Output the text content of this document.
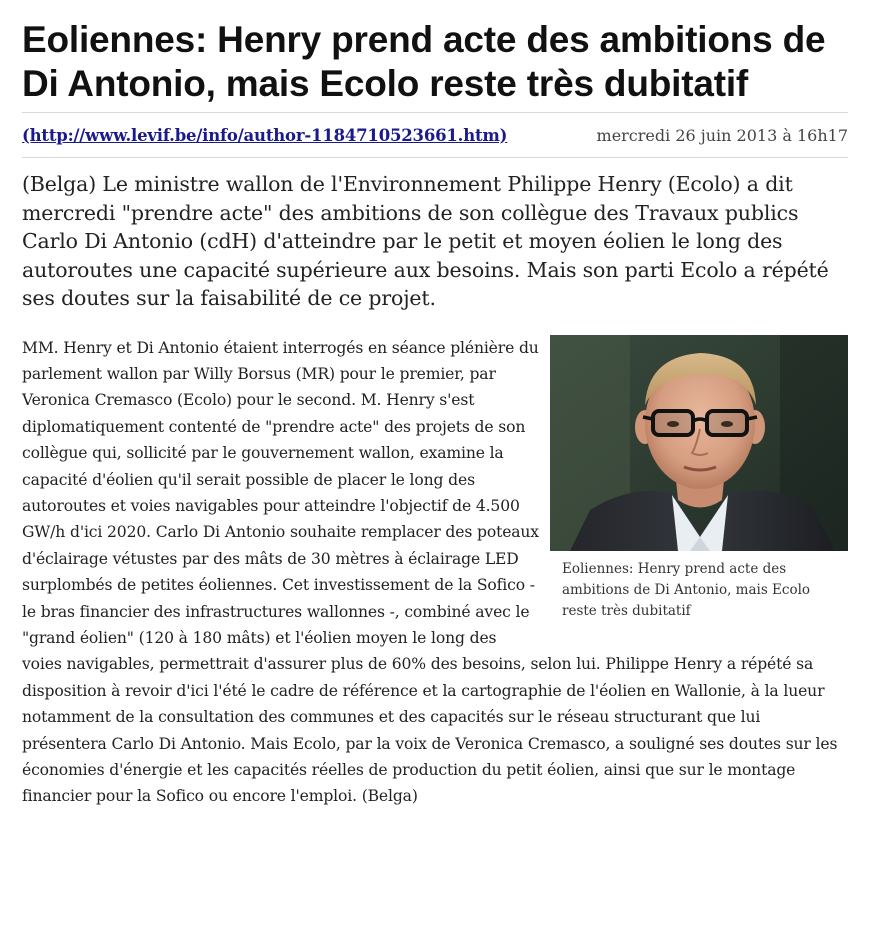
Eoliennes: Henry prend acte des ambitions de Di Antonio, mais Ecolo reste très dubitatif
(http://www.levif.be/info/author-1184710523661.htm)	mercredi 26 juin 2013 à 16h17

(Belga) Le ministre wallon de l'Environnement Philippe Henry (Ecolo) a dit mercredi "prendre acte" des ambitions de son collègue des Travaux publics Carlo Di Antonio (cdH) d'atteindre par le petit et moyen éolien le long des autoroutes une capacité supérieure aux besoins. Mais son parti Ecolo a répété ses doutes sur la faisabilité de ce projet.

Eoliennes: Henry prend acte des ambitions de Di Antonio, mais Ecolo reste très dubitatif

MM. Henry et Di Antonio étaient interrogés en séance plénière du parlement wallon par Willy Borsus (MR) pour le premier, par Veronica Cremasco (Ecolo) pour le second. M. Henry s'est diplomatiquement contenté de "prendre acte" des projets de son collègue qui, sollicité par le gouvernement wallon, examine la capacité d'éolien qu'il serait possible de placer le long des autoroutes et voies navigables pour atteindre l'objectif de 4.500 GW/h d'ici 2020. Carlo Di Antonio souhaite remplacer des poteaux d'éclairage vétustes par des mâts de 30 mètres à éclairage LED surplombés de petites éoliennes. Cet investissement de la Sofico - le bras financier des infrastructures wallonnes -, combiné avec le "grand éolien" (120 à 180 mâts) et l'éolien moyen le long des voies navigables, permettrait d'assurer plus de 60% des besoins, selon lui. Philippe Henry a répété sa disposition à revoir d'ici l'été le cadre de référence et la cartographie de l'éolien en Wallonie, à la lueur notamment de la consultation des communes et des capacités sur le réseau structurant que lui présentera Carlo Di Antonio. Mais Ecolo, par la voix de Veronica Cremasco, a souligné ses doutes sur les économies d'énergie et les capacités réelles de production du petit éolien, ainsi que sur le montage financier pour la Sofico ou encore l'emploi. (Belga)
